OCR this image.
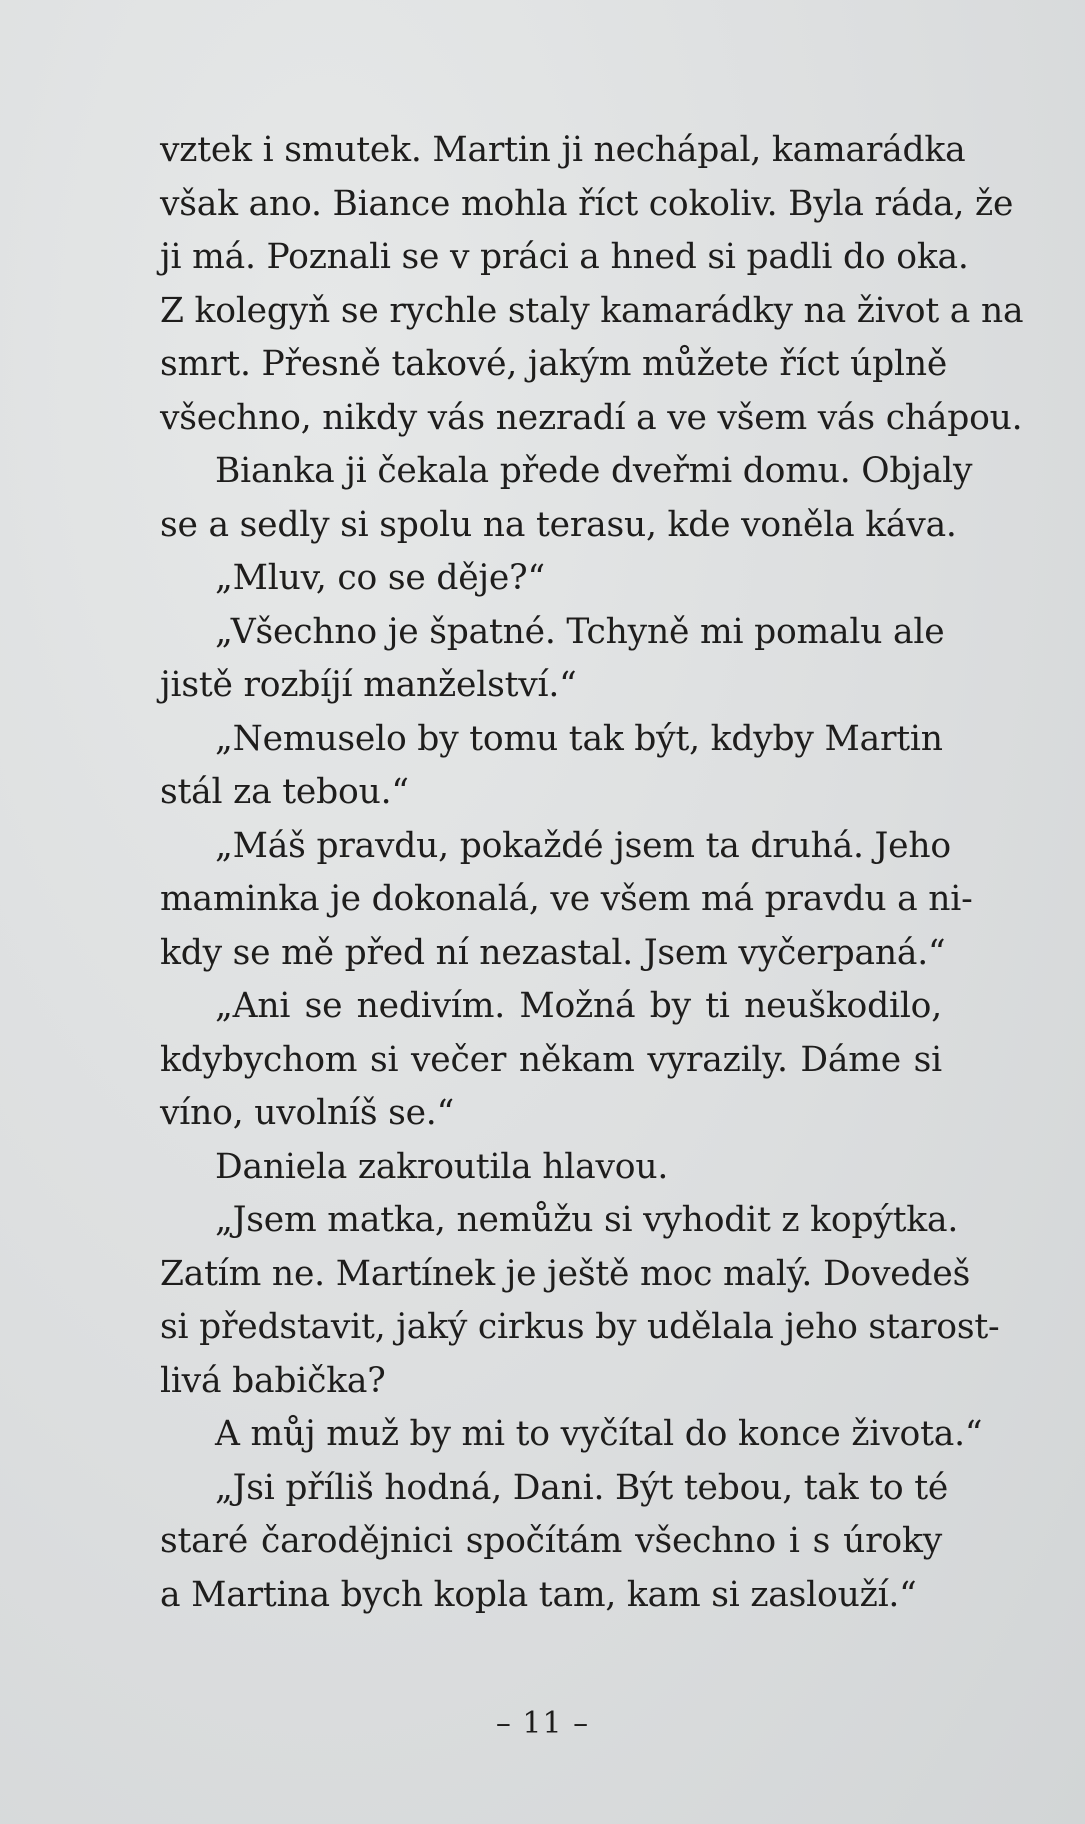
vztek i smutek. Martin ji nechápal, kamarádka
však ano. Biance mohla říct cokoliv. Byla ráda, že
ji má. Poznali se v práci a hned si padli do oka.
Z kolegyň se rychle staly kamarádky na život a na
smrt. Přesně takové, jakým můžete říct úplně
všechno, nikdy vás nezradí a ve všem vás chápou.
Bianka ji čekala přede dveřmi domu. Objaly
se a sedly si spolu na terasu, kde voněla káva.
„Mluv, co se děje?“
„Všechno je špatné. Tchyně mi pomalu ale
jistě rozbíjí manželství.“
„Nemuselo by tomu tak být, kdyby Martin
stál za tebou.“
„Máš pravdu, pokaždé jsem ta druhá. Jeho
maminka je dokonalá, ve všem má pravdu a ni-
kdy se mě před ní nezastal. Jsem vyčerpaná.“
„Ani se nedivím. Možná by ti neuškodilo,
kdybychom si večer někam vyrazily. Dáme si
víno, uvolníš se.“
Daniela zakroutila hlavou.
„Jsem matka, nemůžu si vyhodit z kopýtka.
Zatím ne. Martínek je ještě moc malý. Dovedeš
si představit, jaký cirkus by udělala jeho starost-
livá babička?
A můj muž by mi to vyčítal do konce života.“
„Jsi příliš hodná, Dani. Být tebou, tak to té
staré čarodějnici spočítám všechno i s úroky
a Martina bych kopla tam, kam si zaslouží.“
– 11 –
